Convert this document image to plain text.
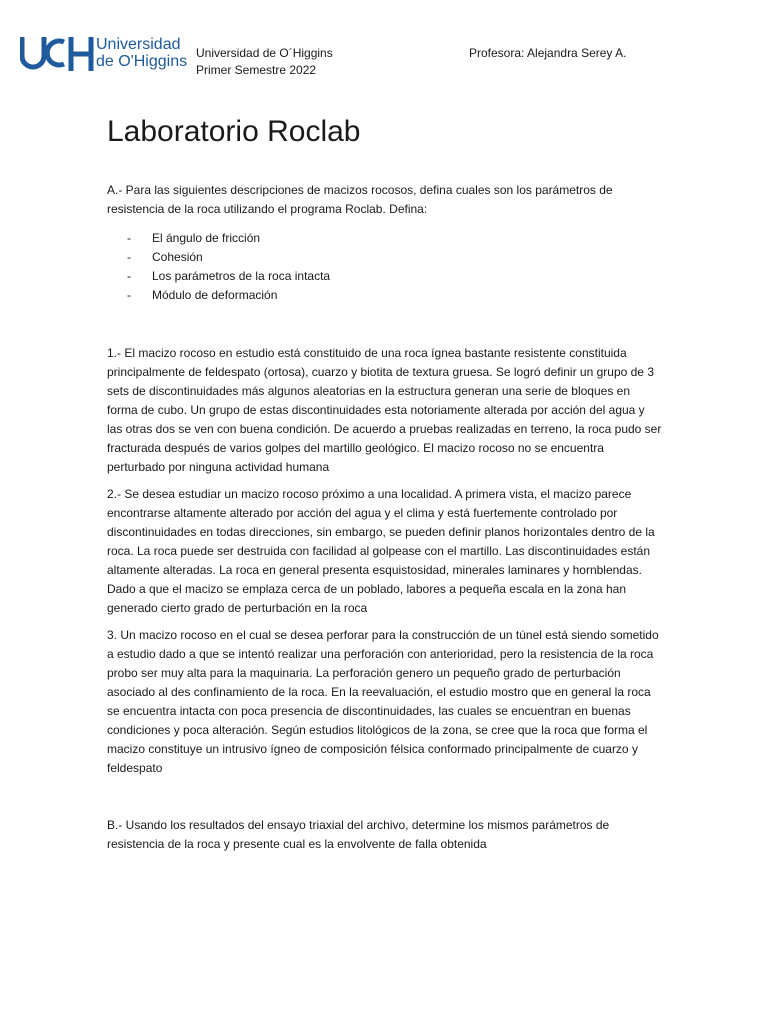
Universidad
de O'Higgins Universidad de O´Higgins
Primer Semestre 2022
Profesora: Alejandra Serey A.
Laboratorio Roclab

A.- Para las siguientes descripciones de macizos rocosos, defina cuales son los parámetros de resistencia de la roca utilizando el programa Roclab. Defina:

- El ángulo de fricción
- Cohesión
- Los parámetros de la roca intacta
- Módulo de deformación

1.- El macizo rocoso en estudio está constituido de una roca ígnea bastante resistente constituida principalmente de feldespato (ortosa), cuarzo y biotita de textura gruesa. Se logró definir un grupo de 3 sets de discontinuidades más algunos aleatorias en la estructura generan una serie de bloques en forma de cubo. Un grupo de estas discontinuidades esta notoriamente alterada por acción del agua y las otras dos se ven con buena condición. De acuerdo a pruebas realizadas en terreno, la roca pudo ser fracturada después de varios golpes del martillo geológico. El macizo rocoso no se encuentra perturbado por ninguna actividad humana

2.- Se desea estudiar un macizo rocoso próximo a una localidad. A primera vista, el macizo parece encontrarse altamente alterado por acción del agua y el clima y está fuertemente controlado por discontinuidades en todas direcciones, sin embargo, se pueden definir planos horizontales dentro de la roca. La roca puede ser destruida con facilidad al golpease con el martillo. Las discontinuidades están altamente alteradas. La roca en general presenta esquistosidad, minerales laminares y hornblendas. Dado a que el macizo se emplaza cerca de un poblado, labores a pequeña escala en la zona han generado cierto grado de perturbación en la roca

3. Un macizo rocoso en el cual se desea perforar para la construcción de un túnel está siendo sometido a estudio dado a que se intentó realizar una perforación con anterioridad, pero la resistencia de la roca probo ser muy alta para la maquinaria. La perforación genero un pequeño grado de perturbación asociado al des confinamiento de la roca. En la reevaluación, el estudio mostro que en general la roca se encuentra intacta con poca presencia de discontinuidades, las cuales se encuentran en buenas condiciones y poca alteración. Según estudios litológicos de la zona, se cree que la roca que forma el macizo constituye un intrusivo ígneo de composición félsica conformado principalmente de cuarzo y feldespato

B.- Usando los resultados del ensayo triaxial del archivo, determine los mismos parámetros de resistencia de la roca y presente cual es la envolvente de falla obtenida
